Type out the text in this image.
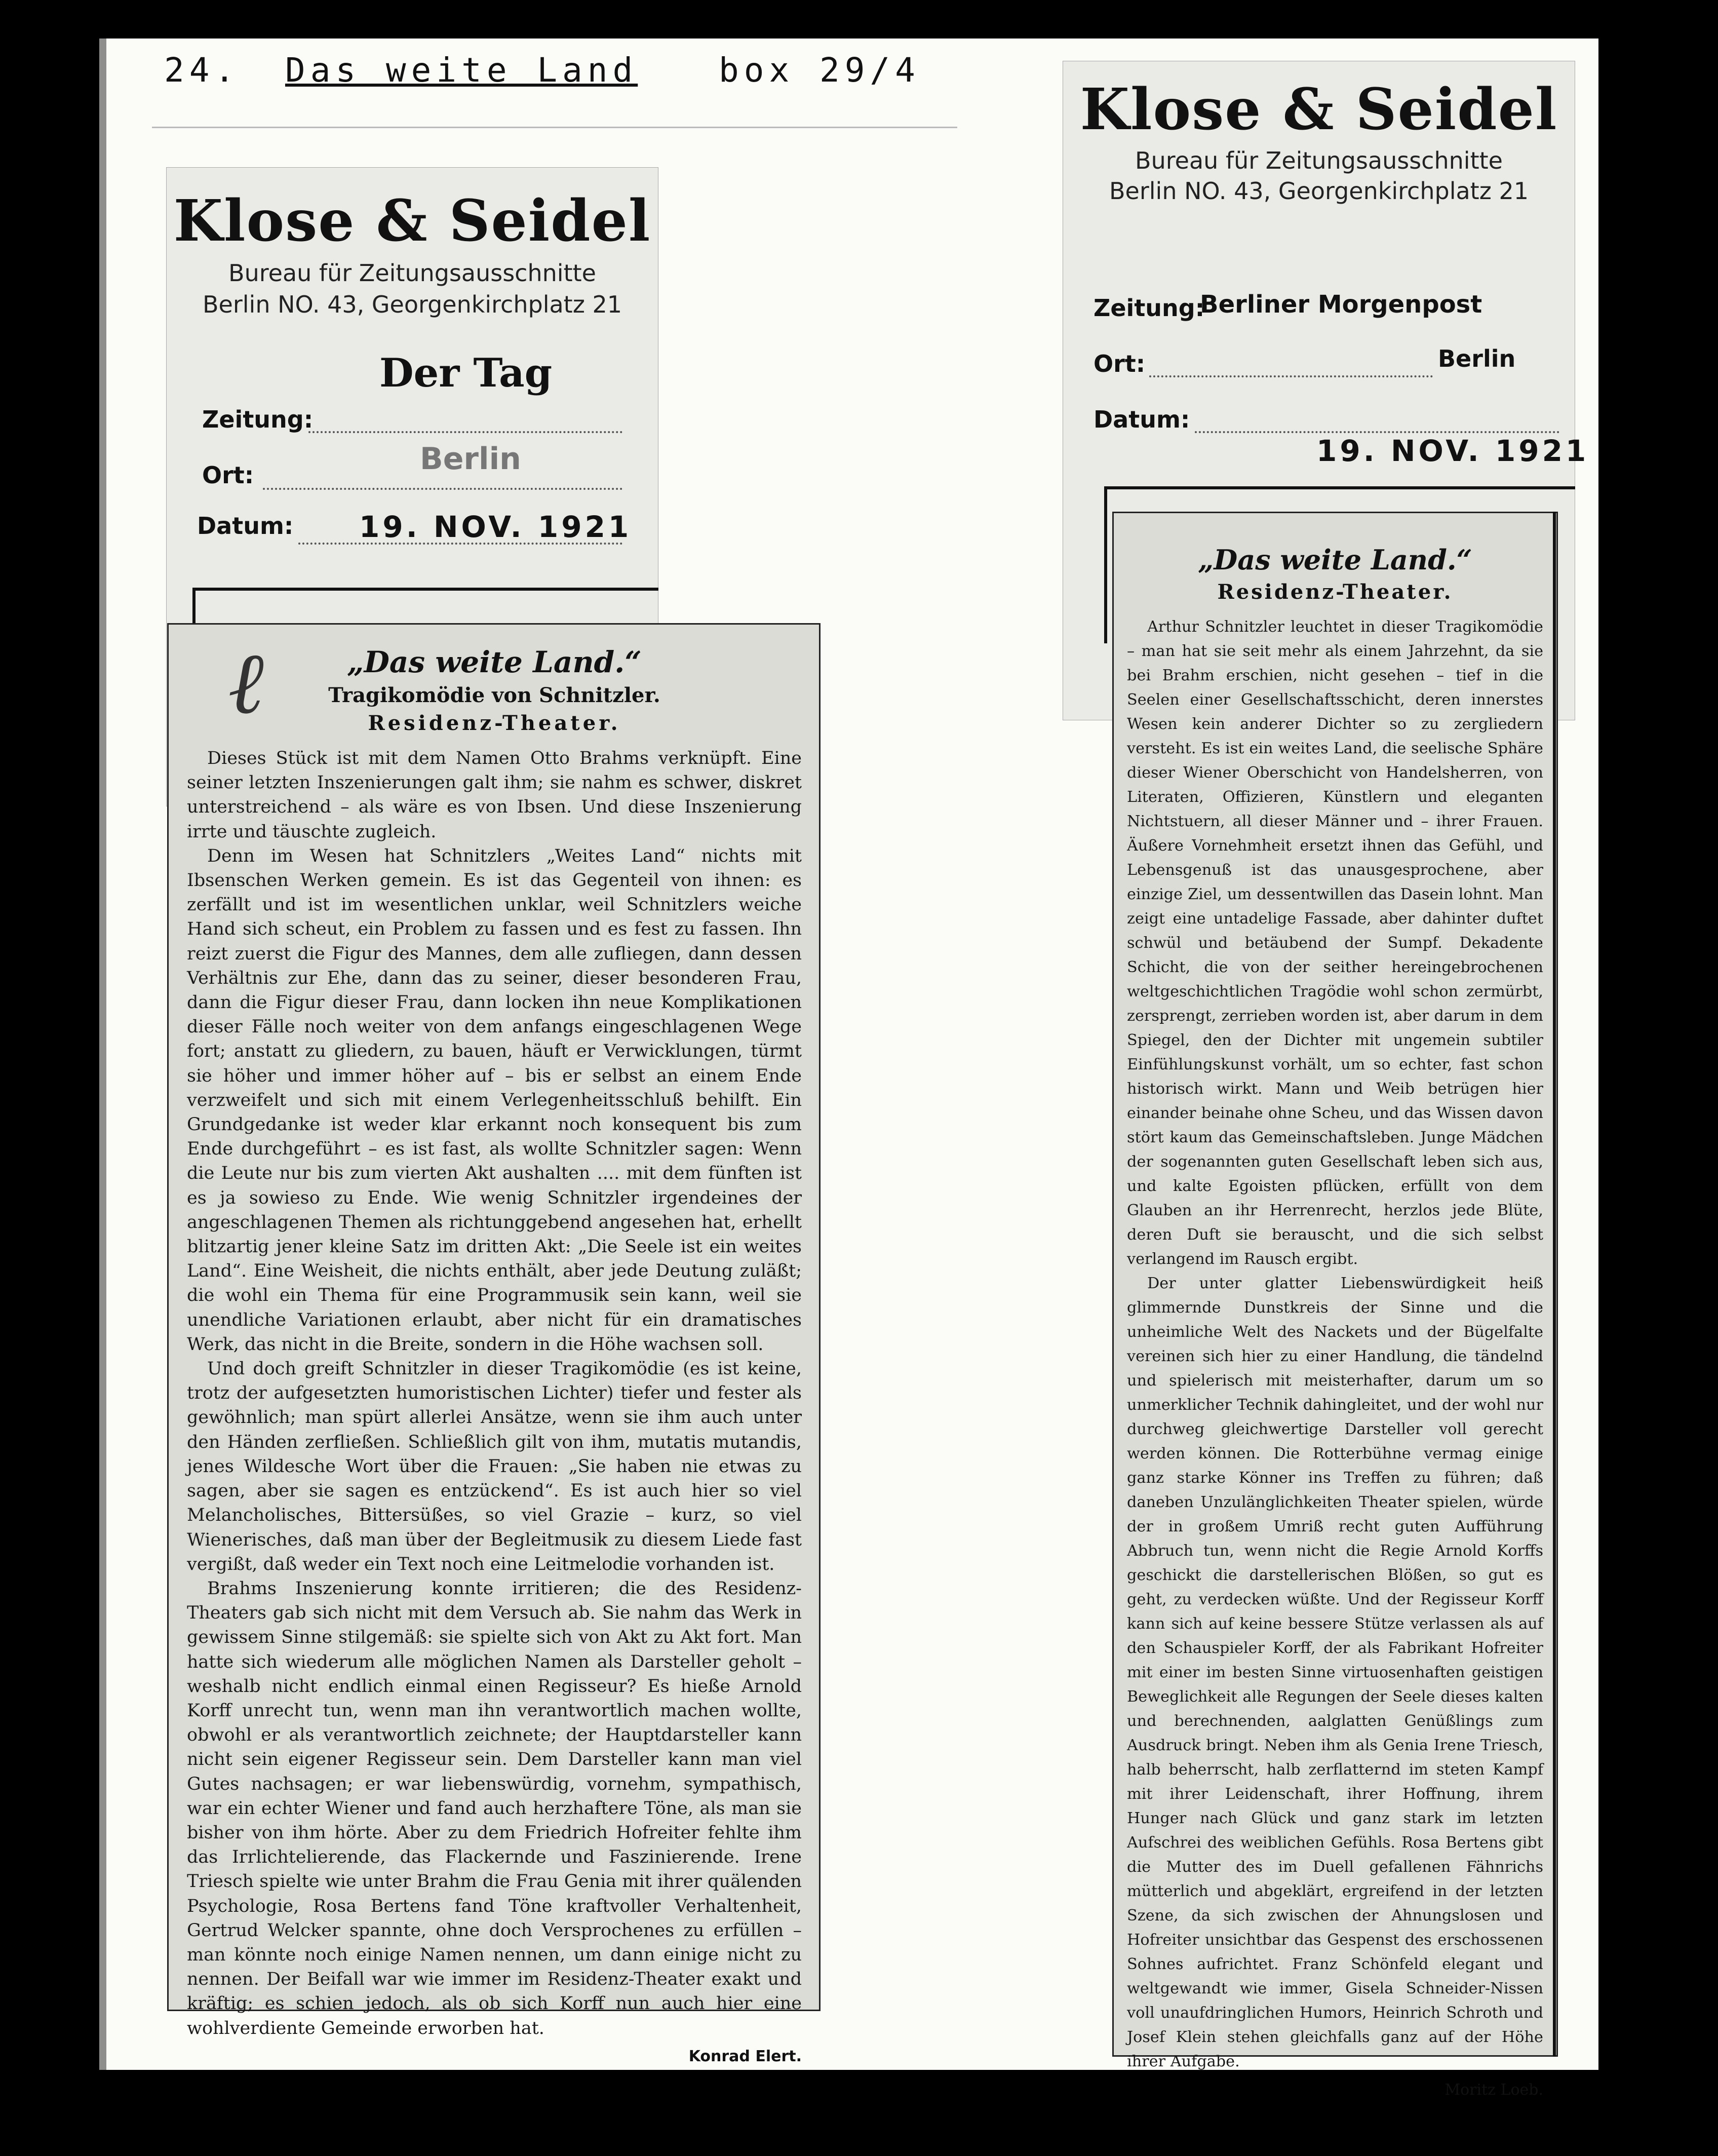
24. Das weite Land box 29/4
Klose & Seidel
Bureau für Zeitungsausschnitte
Berlin NO. 43, Georgenkirchplatz 21
Der Tag
Zeitung:
Berlin
Ort:
Datum: 19. NOV. 1921
Klose & Seidel
Bureau für Zeitungsausschnitte
Berlin NO. 43, Georgenkirchplatz 21
Zeitung:
Berliner Morgenpost
Ort:	Berlin
Datum:
19. NOV. 1921
„Das weite Land.“
Tragikomödie von Schnitzler.
Residenz-Theater.

Dieses Stück ist mit dem Namen Otto Brahms verknüpft. Eine seiner letzten Inszenierungen galt ihm; sie nahm es schwer, diskret unterstreichend – als wäre es von Ibsen. Und diese Inszenierung irrte und täuschte zugleich.

Denn im Wesen hat Schnitzlers „Weites Land“ nichts mit Ibsenschen Werken gemein. Es ist das Gegenteil von ihnen: es zerfällt und ist im wesentlichen unklar, weil Schnitzlers weiche Hand sich scheut, ein Problem zu fassen und es fest zu fassen. Ihn reizt zuerst die Figur des Mannes, dem alle zufliegen, dann dessen Verhältnis zur Ehe, dann das zu seiner, dieser besonderen Frau, dann die Figur dieser Frau, dann locken ihn neue Komplikationen dieser Fälle noch weiter von dem anfangs eingeschlagenen Wege fort; anstatt zu gliedern, zu bauen, häuft er Verwicklungen, türmt sie höher und immer höher auf – bis er selbst an einem Ende verzweifelt und sich mit einem Verlegenheitsschluß behilft. Ein Grundgedanke ist weder klar erkannt noch konsequent bis zum Ende durchgeführt – es ist fast, als wollte Schnitzler sagen: Wenn die Leute nur bis zum vierten Akt aushalten .... mit dem fünften ist es ja sowieso zu Ende. Wie wenig Schnitzler irgendeines der angeschlagenen Themen als richtunggebend angesehen hat, erhellt blitzartig jener kleine Satz im dritten Akt: „Die Seele ist ein weites Land“. Eine Weisheit, die nichts enthält, aber jede Deutung zuläßt; die wohl ein Thema für eine Programmusik sein kann, weil sie unendliche Variationen erlaubt, aber nicht für ein dramatisches Werk, das nicht in die Breite, sondern in die Höhe wachsen soll.

Und doch greift Schnitzler in dieser Tragikomödie (es ist keine, trotz der aufgesetzten humoristischen Lichter) tiefer und fester als gewöhnlich; man spürt allerlei Ansätze, wenn sie ihm auch unter den Händen zerfließen. Schließlich gilt von ihm, mutatis mutandis, jenes Wildesche Wort über die Frauen: „Sie haben nie etwas zu sagen, aber sie sagen es entzückend“. Es ist auch hier so viel Melancholisches, Bittersüßes, so viel Grazie – kurz, so viel Wienerisches, daß man über der Begleitmusik zu diesem Liede fast vergißt, daß weder ein Text noch eine Leitmelodie vorhanden ist.

Brahms Inszenierung konnte irritieren; die des Residenz-Theaters gab sich nicht mit dem Versuch ab. Sie nahm das Werk in gewissem Sinne stilgemäß: sie spielte sich von Akt zu Akt fort. Man hatte sich wiederum alle möglichen Namen als Darsteller geholt – weshalb nicht endlich einmal einen Regisseur? Es hieße Arnold Korff unrecht tun, wenn man ihn verantwortlich machen wollte, obwohl er als verantwortlich zeichnete; der Hauptdarsteller kann nicht sein eigener Regisseur sein. Dem Darsteller kann man viel Gutes nachsagen; er war liebenswürdig, vornehm, sympathisch, war ein echter Wiener und fand auch herzhaftere Töne, als man sie bisher von ihm hörte. Aber zu dem Friedrich Hofreiter fehlte ihm das Irrlichtelierende, das Flackernde und Faszinierende. Irene Triesch spielte wie unter Brahm die Frau Genia mit ihrer quälenden Psychologie, Rosa Bertens fand Töne kraftvoller Verhaltenheit, Gertrud Welcker spannte, ohne doch Versprochenes zu erfüllen – man könnte noch einige Namen nennen, um dann einige nicht zu nennen. Der Beifall war wie immer im Residenz-Theater exakt und kräftig; es schien jedoch, als ob sich Korff nun auch hier eine wohlverdiente Gemeinde erworben hat.

Konrad Elert.
ℓ
„Das weite Land.“
Residenz-Theater.

Arthur Schnitzler leuchtet in dieser Tragikomödie – man hat sie seit mehr als einem Jahrzehnt, da sie bei Brahm erschien, nicht gesehen – tief in die Seelen einer Gesellschaftsschicht, deren innerstes Wesen kein anderer Dichter so zu zergliedern versteht. Es ist ein weites Land, die seelische Sphäre dieser Wiener Oberschicht von Handelsherren, von Literaten, Offizieren, Künstlern und eleganten Nichtstuern, all dieser Männer und – ihrer Frauen. Äußere Vornehmheit ersetzt ihnen das Gefühl, und Lebensgenuß ist das unausgesprochene, aber einzige Ziel, um dessentwillen das Dasein lohnt. Man zeigt eine untadelige Fassade, aber dahinter duftet schwül und betäubend der Sumpf. Dekadente Schicht, die von der seither hereingebrochenen weltgeschichtlichen Tragödie wohl schon zermürbt, zersprengt, zerrieben worden ist, aber darum in dem Spiegel, den der Dichter mit ungemein subtiler Einfühlungskunst vorhält, um so echter, fast schon historisch wirkt. Mann und Weib betrügen hier einander beinahe ohne Scheu, und das Wissen davon stört kaum das Gemeinschaftsleben. Junge Mädchen der sogenannten guten Gesellschaft leben sich aus, und kalte Egoisten pflücken, erfüllt von dem Glauben an ihr Herrenrecht, herzlos jede Blüte, deren Duft sie berauscht, und die sich selbst verlangend im Rausch ergibt.

Der unter glatter Liebenswürdigkeit heiß glimmernde Dunstkreis der Sinne und die unheimliche Welt des Nackets und der Bügelfalte vereinen sich hier zu einer Handlung, die tändelnd und spielerisch mit meisterhafter, darum um so unmerklicher Technik dahingleitet, und der wohl nur durchweg gleichwertige Darsteller voll gerecht werden können. Die Rotterbühne vermag einige ganz starke Könner ins Treffen zu führen; daß daneben Unzulänglichkeiten Theater spielen, würde der in großem Umriß recht guten Aufführung Abbruch tun, wenn nicht die Regie Arnold Korffs geschickt die darstellerischen Blößen, so gut es geht, zu verdecken wüßte. Und der Regisseur Korff kann sich auf keine bessere Stütze verlassen als auf den Schauspieler Korff, der als Fabrikant Hofreiter mit einer im besten Sinne virtuosenhaften geistigen Beweglichkeit alle Regungen der Seele dieses kalten und berechnenden, aalglatten Genüßlings zum Ausdruck bringt. Neben ihm als Genia Irene Triesch, halb beherrscht, halb zerflatternd im steten Kampf mit ihrer Leidenschaft, ihrer Hoffnung, ihrem Hunger nach Glück und ganz stark im letzten Aufschrei des weiblichen Gefühls. Rosa Bertens gibt die Mutter des im Duell gefallenen Fähnrichs mütterlich und abgeklärt, ergreifend in der letzten Szene, da sich zwischen der Ahnungslosen und Hofreiter unsichtbar das Gespenst des erschossenen Sohnes aufrichtet. Franz Schönfeld elegant und weltgewandt wie immer, Gisela Schneider-Nissen voll unaufdringlichen Humors, Heinrich Schroth und Josef Klein stehen gleichfalls ganz auf der Höhe ihrer Aufgabe.

Moritz Loeb.
